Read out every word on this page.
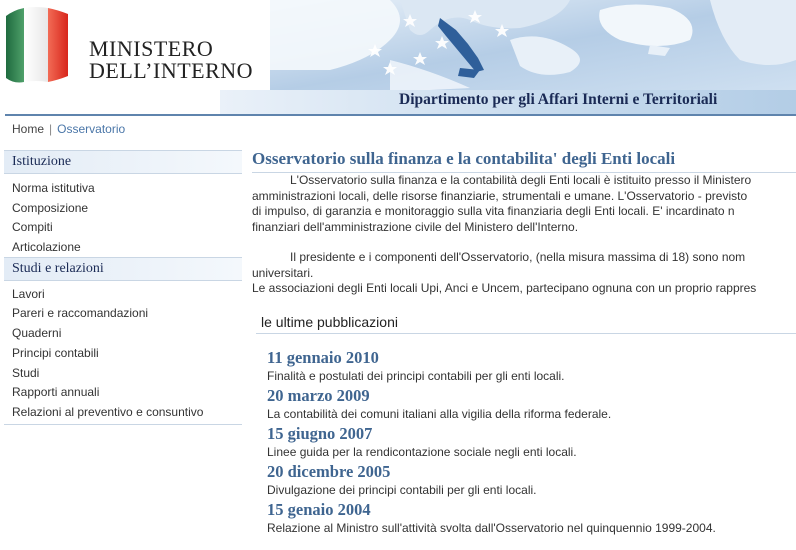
MINISTERO
DELL’INTERNO
Dipartimento per gli Affari Interni e Territoriali
Home | Osservatorio
Istituzione
Norma istitutiva
Composizione
Compiti
Articolazione
Studi e relazioni
Lavori
Pareri e raccomandazioni
Quaderni
Principi contabili
Studi
Rapporti annuali
Relazioni al preventivo e consuntivo
Osservatorio sulla finanza e la contabilita' degli Enti locali
L'Osservatorio sulla finanza e la contabilità degli Enti locali è istituito presso il Ministero
amministrazioni locali, delle risorse finanziarie, strumentali e umane. L'Osservatorio - previsto
di impulso, di garanzia e monitoraggio sulla vita finanziaria degli Enti locali. E' incardinato n
finanziari dell'amministrazione civile del Ministero dell'Interno.
Il presidente e i componenti dell'Osservatorio, (nella misura massima di 18) sono nom
universitari.
Le associazioni degli Enti locali Upi, Anci e Uncem, partecipano ognuna con un proprio rappres
le ultime pubblicazioni
11 gennaio 2010
Finalità e postulati dei principi contabili per gli enti locali.
20 marzo 2009
La contabilità dei comuni italiani alla vigilia della riforma federale.
15 giugno 2007
Linee guida per la rendicontazione sociale negli enti locali.
20 dicembre 2005
Divulgazione dei principi contabili per gli enti locali.
15 genaio 2004
Relazione al Ministro sull'attività svolta dall'Osservatorio nel quinquennio 1999-2004.
